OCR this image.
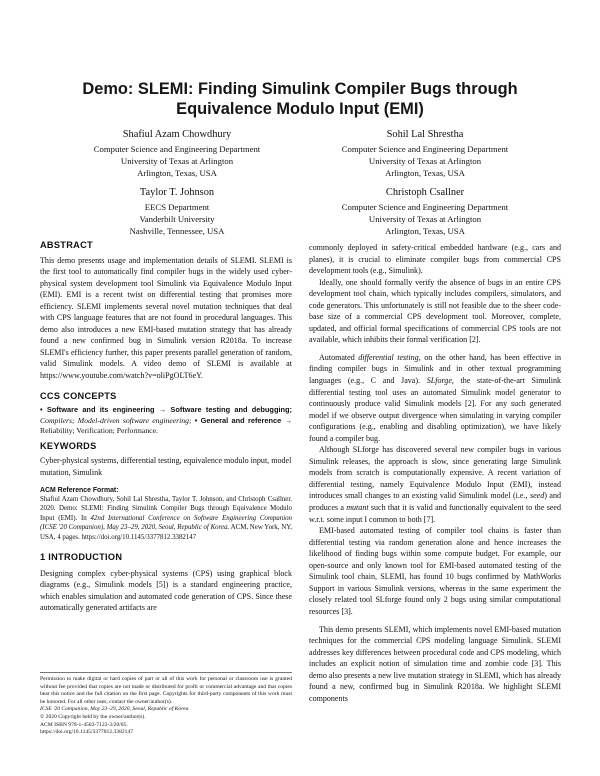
Demo: SLEMI: Finding Simulink Compiler Bugs through
Equivalence Modulo Input (EMI)
Shafiul Azam Chowdhury
Computer Science and Engineering Department
University of Texas at Arlington
Arlington, Texas, USA
Sohil Lal Shrestha
Computer Science and Engineering Department
University of Texas at Arlington
Arlington, Texas, USA
Taylor T. Johnson
EECS Department
Vanderbilt University
Nashville, Tennessee, USA
Christoph Csallner
Computer Science and Engineering Department
University of Texas at Arlington
Arlington, Texas, USA
ABSTRACT

This demo presents usage and implementation details of SLEMI. SLEMI is the first tool to automatically find compiler bugs in the widely used cyber-physical system development tool Simulink via Equivalence Modulo Input (EMI). EMI is a recent twist on differential testing that promises more efficiency. SLEMI implements several novel mutation techniques that deal with CPS language features that are not found in procedural languages. This demo also introduces a new EMI-based mutation strategy that has already found a new confirmed bug in Simulink version R2018a. To increase SLEMI's efficiency further, this paper presents parallel generation of random, valid Simulink models. A video demo of SLEMI is available at https://www.youtube.com/watch?v=oliPgOLT6eY.

CCS CONCEPTS

• Software and its engineering → Software testing and debugging; Compilers; Model-driven software engineering; • General and reference → Reliability; Verification; Performance.

KEYWORDS

Cyber-physical systems, differential testing, equivalence modulo input, model mutation, Simulink

ACM Reference Format:

Shafiul Azam Chowdhury, Sohil Lal Shrestha, Taylor T. Johnson, and Christoph Csallner. 2020. Demo: SLEMI: Finding Simulink Compiler Bugs through Equivalence Modulo Input (EMI). In 42nd International Conference on Software Engineering Companion (ICSE '20 Companion), May 23–29, 2020, Seoul, Republic of Korea. ACM, New York, NY, USA, 4 pages. https://doi.org/10.1145/3377812.3382147

1 INTRODUCTION

Designing complex cyber-physical systems (CPS) using graphical block diagrams (e.g., Simulink models [5]) is a standard engineering practice, which enables simulation and automated code generation of CPS. Since these automatically generated artifacts are

Permission to make digital or hard copies of part or all of this work for personal or classroom use is granted without fee provided that copies are not made or distributed for profit or commercial advantage and that copies bear this notice and the full citation on the first page. Copyrights for third-party components of this work must be honored. For all other uses, contact the owner/author(s).

ICSE '20 Companion, May 23–29, 2020, Seoul, Republic of Korea

© 2020 Copyright held by the owner/author(s).

ACM ISBN 978-1-4503-7122-3/20/05.

https://doi.org/10.1145/3377812.3382147

commonly deployed in safety-critical embedded hardware (e.g., cars and planes), it is crucial to eliminate compiler bugs from commercial CPS development tools (e.g., Simulink).

Ideally, one should formally verify the absence of bugs in an entire CPS development tool chain, which typically includes compilers, simulators, and code generators. This unfortunately is still not feasible due to the sheer code-base size of a commercial CPS development tool. Moreover, complete, updated, and official formal specifications of commercial CPS tools are not available, which inhibits their formal verification [2].

Automated differential testing, on the other hand, has been effective in finding compiler bugs in Simulink and in other textual programming languages (e.g., C and Java). SLforge, the state-of-the-art Simulink differential testing tool uses an automated Simulink model generator to continuously produce valid Simulink models [2]. For any such generated model if we observe output divergence when simulating in varying compiler configurations (e.g., enabling and disabling optimization), we have likely found a compiler bug.

Although SLforge has discovered several new compiler bugs in various Simulink releases, the approach is slow, since generating large Simulink models from scratch is computationally expensive. A recent variation of differential testing, namely Equivalence Modulo Input (EMI), instead introduces small changes to an existing valid Simulink model (i.e., seed) and produces a mutant such that it is valid and functionally equivalent to the seed w.r.t. some input I common to both [7].

EMI-based automated testing of compiler tool chains is faster than differential testing via random generation alone and hence increases the likelihood of finding bugs within some compute budget. For example, our open-source and only known tool for EMI-based automated testing of the Simulink tool chain, SLEMI, has found 10 bugs confirmed by MathWorks Support in various Simulink versions, whereas in the same experiment the closely related tool SLforge found only 2 bugs using similar computational resources [3].

This demo presents SLEMI, which implements novel EMI-based mutation techniques for the commercial CPS modeling language Simulink. SLEMI addresses key differences between procedural code and CPS modeling, which includes an explicit notion of simulation time and zombie code [3]. This demo also presents a new live mutation strategy in SLEMI, which has already found a new, confirmed bug in Simulink R2018a. We highlight SLEMI components
